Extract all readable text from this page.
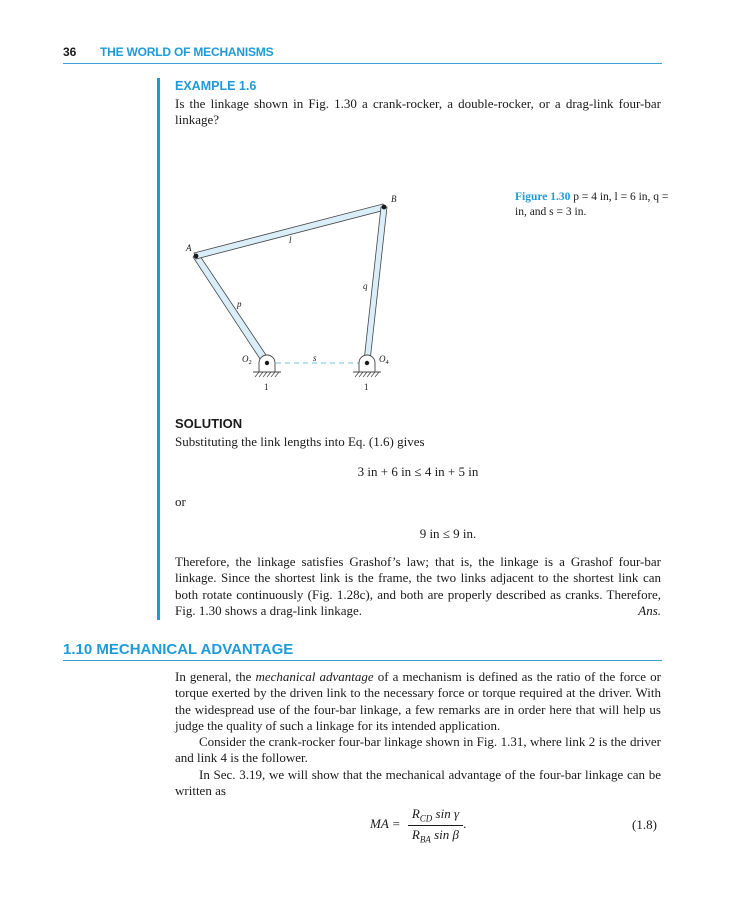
36 THE WORLD OF MECHANISMS
EXAMPLE 1.6
Is the linkage shown in Fig. 1.30 a crank-rocker, a double-rocker, or a drag-link four-bar linkage?
A
B
l
p
q
s
$O_2$	$O_4$
1	1
Figure 1.30 p = 4 in, l = 6 in, q = in, and s = 3 in.
SOLUTION
Substituting the link lengths into Eq. (1.6) gives
3 in + 6 in ≤ 4 in + 5 in
or
9 in ≤ 9 in.
Therefore, the linkage satisfies Grashof’s law; that is, the linkage is a Grashof four-bar linkage. Since the shortest link is the frame, the two links adjacent to the shortest link can both rotate continuously (Fig. 1.28c), and both are properly described as cranks. Therefore, Fig. 1.30 shows a drag-link linkage.	Ans.
1.10 MECHANICAL ADVANTAGE
In general, the mechanical advantage of a mechanism is defined as the ratio of the force or torque exerted by the driven link to the necessary force or torque required at the driver. With the widespread use of the four-bar linkage, a few remarks are in order here that will help us judge the quality of such a linkage for its intended application.
Consider the crank-rocker four-bar linkage shown in Fig. 1.31, where link 2 is the driver and link 4 is the follower.
In Sec. 3.19, we will show that the mechanical advantage of the four-bar linkage can be written as
MA = $\frac{R_{CD} \sin \gamma}{R_{BA} \sin \beta}$ .	(1.8)
